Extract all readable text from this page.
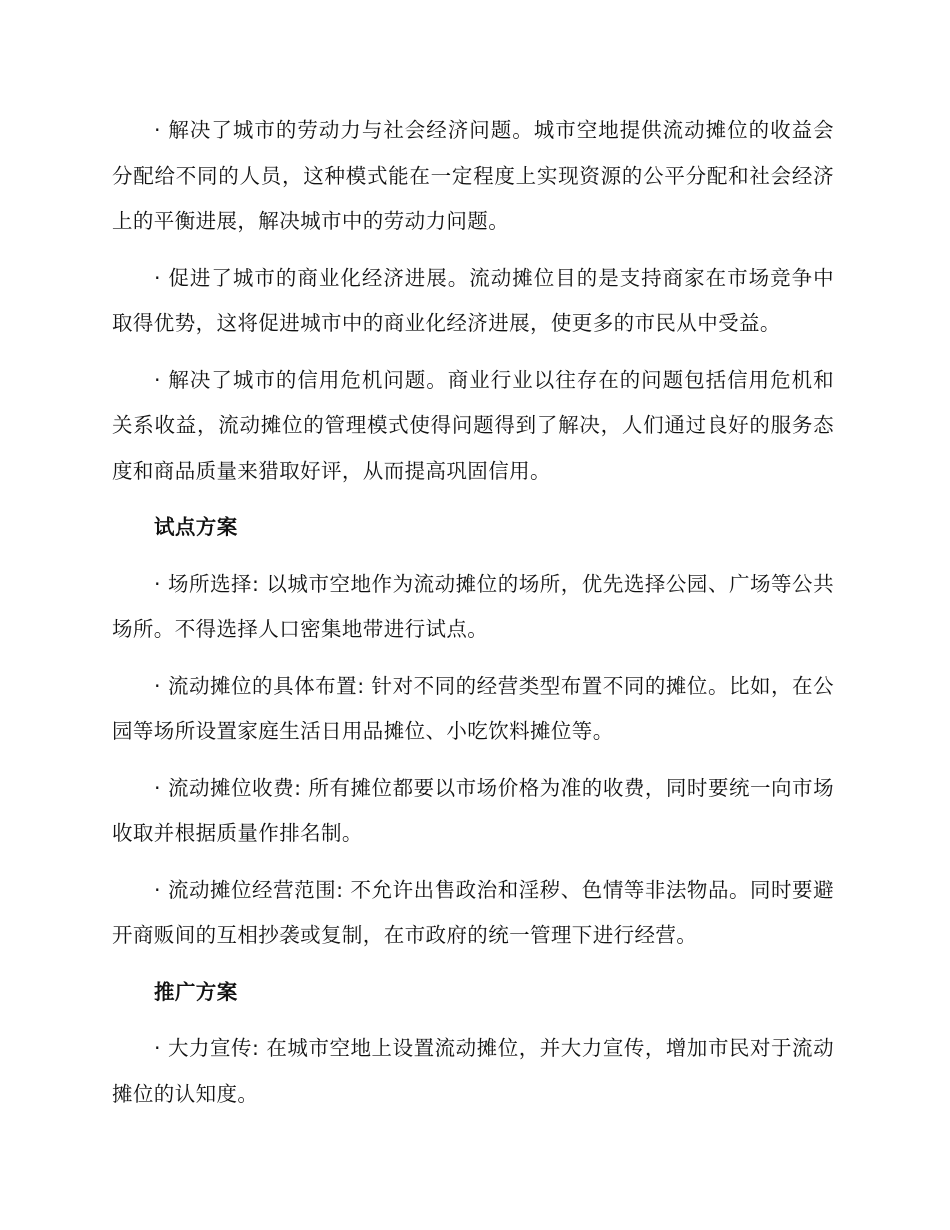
· 解决了城市的劳动力与社会经济问题。城市空地提供流动摊位的收益会分配给不同的人员，这种模式能在一定程度上实现资源的公平分配和社会经济上的平衡进展，解决城市中的劳动力问题。

· 促进了城市的商业化经济进展。流动摊位目的是支持商家在市场竞争中取得优势，这将促进城市中的商业化经济进展，使更多的市民从中受益。

· 解决了城市的信用危机问题。商业行业以往存在的问题包括信用危机和关系收益，流动摊位的管理模式使得问题得到了解决，人们通过良好的服务态度和商品质量来猎取好评，从而提高巩固信用。

试点方案

· 场所选择: 以城市空地作为流动摊位的场所，优先选择公园、广场等公共场所。不得选择人口密集地带进行试点。

· 流动摊位的具体布置: 针对不同的经营类型布置不同的摊位。比如，在公园等场所设置家庭生活日用品摊位、小吃饮料摊位等。

· 流动摊位收费: 所有摊位都要以市场价格为准的收费，同时要统一向市场收取并根据质量作排名制。

· 流动摊位经营范围: 不允许出售政治和淫秽、色情等非法物品。同时要避开商贩间的互相抄袭或复制，在市政府的统一管理下进行经营。

推广方案

· 大力宣传: 在城市空地上设置流动摊位，并大力宣传，增加市民对于流动摊位的认知度。
